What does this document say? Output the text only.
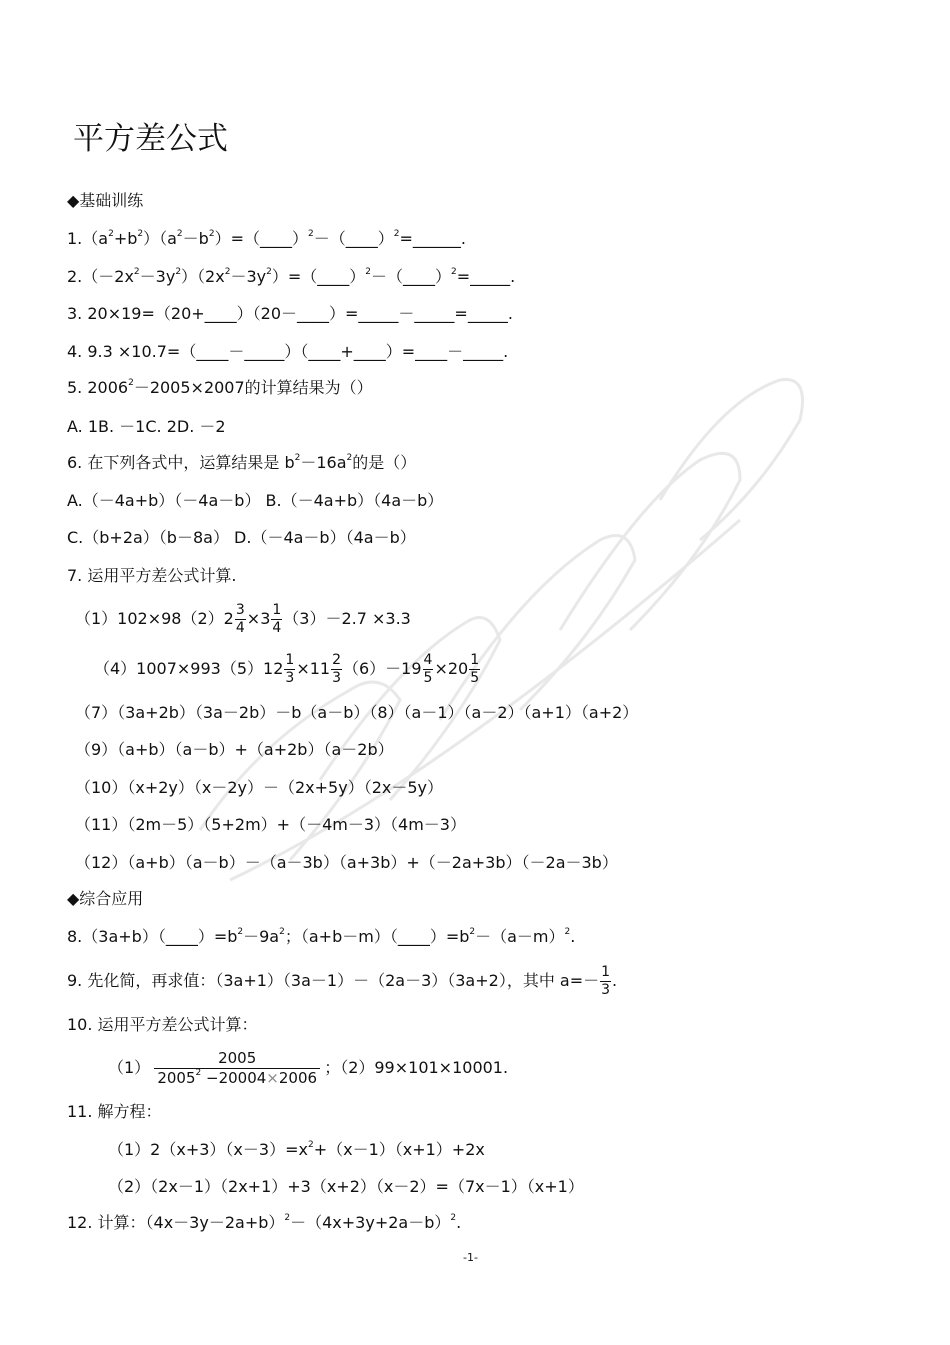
平方差公式
◆基础训练
$1.(a^2+b^2)(a^2-b^2)=(\_\_\_\_)^2-(\_\_\_\_)^2=\_\_\_\_\_\_$.
$2.(-2x^2-3y^2)(2x^2-3y^2)=(\_\_\_\_)^2-(\_\_\_\_)^2=\_\_\_\_\_$.
3. 20×19=（20+____）（20－____）=_____－_____=_____.
4. 9.3 ×10.7=（____－_____）（____+____）=____－_____.
5. $2006^2-2005\times 2007$的计算结果为（）
A. 1B. －1C. 2D. －2
6. 在下列各式中，运算结果是 $b^2-16a^2$的是（）
A.（－4a+b）（－4a－b） B.（－4a+b）（4a－b）
C.（b+2a）（b－8a） D.（－4a－b）（4a－b）
7. 运用平方差公式计算.
$(1)102\times 98(2)2 \frac{3}{4} \times 3 \frac{1}{4} (3)-2.7 \times 3.3$
$(4)1007\times 993(5)12 \frac{1}{3} \times 11 \frac{2}{3} (6)-19 \frac{4}{5} \times 20 \frac{1}{5}$
（7）（3a+2b）（3a－2b）－b（a－b）（8）（a－1）（a－2）（a+1）（a+2）
（9）（a+b）（a－b）+（a+2b）（a－2b）
（10）（x+2y）（x－2y）－（2x+5y）（2x－5y）
（11）（2m－5）（5+2m）+（－4m－3）（4m－3）
（12）（a+b）（a－b）－（a－3b）（a+3b）+（－2a+3b）（－2a－3b）
◆综合应用
$8.(3a+b)(\_\_\_\_)=b^2-9a^2$；$(a+b-m)(\_\_\_\_)=b^2-(a-m)^2$.
9. 先化简，再求值：（3a+1）（3a－1）－（2a－3）（3a+2），其中 $a=- \frac{1}{3}$ .
10. 运用平方差公式计算：
$(1) \frac{2005}{2005^2 -20004\times 2006}$ ；（2）99×101×10001.
11. 解方程：
$(1)2(x+3)(x-3)=x^2+(x-1)(x+1)+2x$
（2）（2x－1）（2x+1）+3（x+2）（x－2）=（7x－1）（x+1）
12. 计算：$(4x-3y-2a+b)^2-(4x+3y+2a-b)^2$.
-1-
